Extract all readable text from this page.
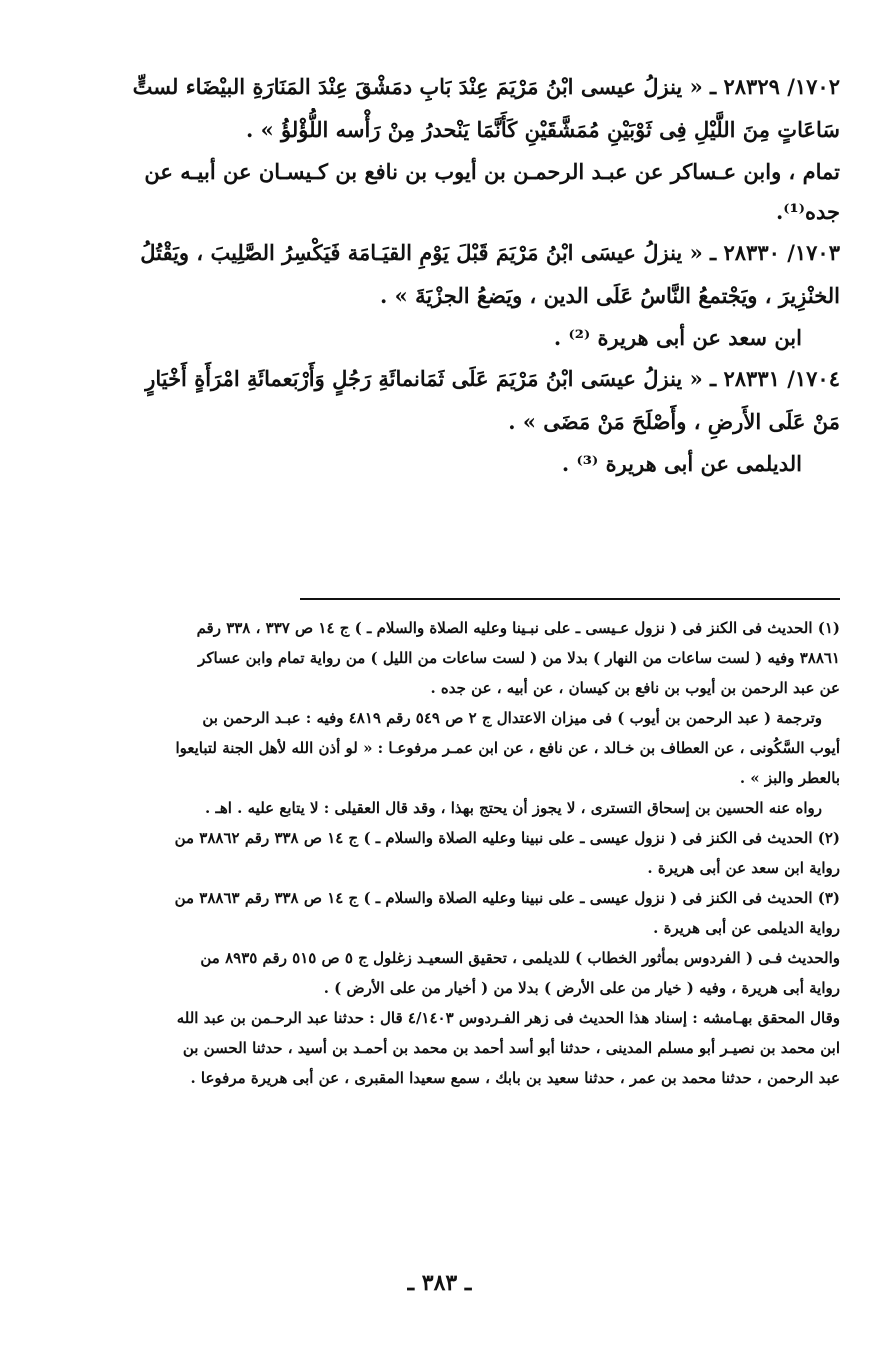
١٧٠٢/ ٢٨٣٢٩ ـ « ينزلُ عيسى ابْنُ مَرْيَمَ عِنْدَ بَابِ دمَشْقَ عِنْدَ المَنَارَةِ البيْضَاء لستٍّ
سَاعَاتٍ مِنَ اللَّيْلِ فِى ثَوْبَيْنِ مُمَشَّقَيْنِ كَأَنَّمَا يَنْحدرُ مِنْ رَأْسه اللُّؤْلؤُ » .
تمام ، وابن عـساكر عن عبـد الرحمـن بن أيوب بن نافع بن كـيسـان عن أبيـه عن
جده⁽¹⁾.
١٧٠٣/ ٢٨٣٣٠ ـ « ينزلُ عيسَى ابْنُ مَرْيَمَ قَبْلَ يَوْمِ القيَـامَة فَيَكْسِرُ الصَّلِيبَ ، ويَقْتُلُ
الخنْزِيرَ ، ويَجْتمعُ النَّاسُ عَلَى الدين ، ويَضعُ الجزْيَةَ » .
ابن سعد عن أبى هريرة ⁽²⁾ .
١٧٠٤/ ٢٨٣٣١ ـ « ينزلُ عيسَى ابْنُ مَرْيَمَ عَلَى ثَمَانمائَةِ رَجُلٍ وَأَرْبَعمائَةِ امْرَأَةٍ أَخْيَارٍ
مَنْ عَلَى الأَرضِ ، وأَصْلَحَ مَنْ مَضَى » .
الديلمى عن أبى هريرة ⁽³⁾ .
(١) الحديث فى الكنز فى ( نزول عـيسى ـ على نبـينا وعليه الصلاة والسلام ـ ) ج ١٤ ص ٣٣٧ ، ٣٣٨ رقم
٣٨٨٦١ وفيه ( لست ساعات من النهار ) بدلا من ( لست ساعات من الليل ) من رواية تمام وابن عساكر
عن عبد الرحمن بن أيوب بن نافع بن كيسان ، عن أبيه ، عن جده .
وترجمة ( عبد الرحمن بن أيوب ) فى ميزان الاعتدال ج ٢ ص ٥٤٩ رقم ٤٨١٩ وفيه : عبـد الرحمن بن
أيوب السَّكُونى ، عن العطاف بن خـالد ، عن نافع ، عن ابن عمـر مرفوعـا : « لو أذن الله لأهل الجنة لتبايعوا
بالعطر والبز » .
رواه عنه الحسين بن إسحاق التسترى ، لا يجوز أن يحتج بهذا ، وقد قال العقيلى : لا يتابع عليه . اهـ .
(٢) الحديث فى الكنز فى ( نزول عيسى ـ على نبينا وعليه الصلاة والسلام ـ ) ج ١٤ ص ٣٣٨ رقم ٣٨٨٦٢ من
رواية ابن سعد عن أبى هريرة .
(٣) الحديث فى الكنز فى ( نزول عيسى ـ على نبينا وعليه الصلاة والسلام ـ ) ج ١٤ ص ٣٣٨ رقم ٣٨٨٦٣ من
رواية الديلمى عن أبى هريرة .
والحديث فـى ( الفردوس بمأثور الخطاب ) للديلمى ، تحقيق السعيـد زغلول ج ٥ ص ٥١٥ رقم ٨٩٣٥ من
رواية أبى هريرة ، وفيه ( خيار من على الأرض ) بدلا من ( أخيار من على الأرض ) .
وقال المحقق بهـامشه : إسناد هذا الحديث فى زهر الفـردوس ٤/١٤٠٣ قال : حدثنا عبد الرحـمن بن عبد الله
ابن محمد بن نصيـر أبو مسلم المدينى ، حدثنا أبو أسد أحمد بن محمد بن أحمـد بن أسيد ، حدثنا الحسن بن
عبد الرحمن ، حدثنا محمد بن عمر ، حدثنا سعيد بن بابك ، سمع سعيدا المقبرى ، عن أبى هريرة مرفوعا .
ـ ٣٨٣ ـ
